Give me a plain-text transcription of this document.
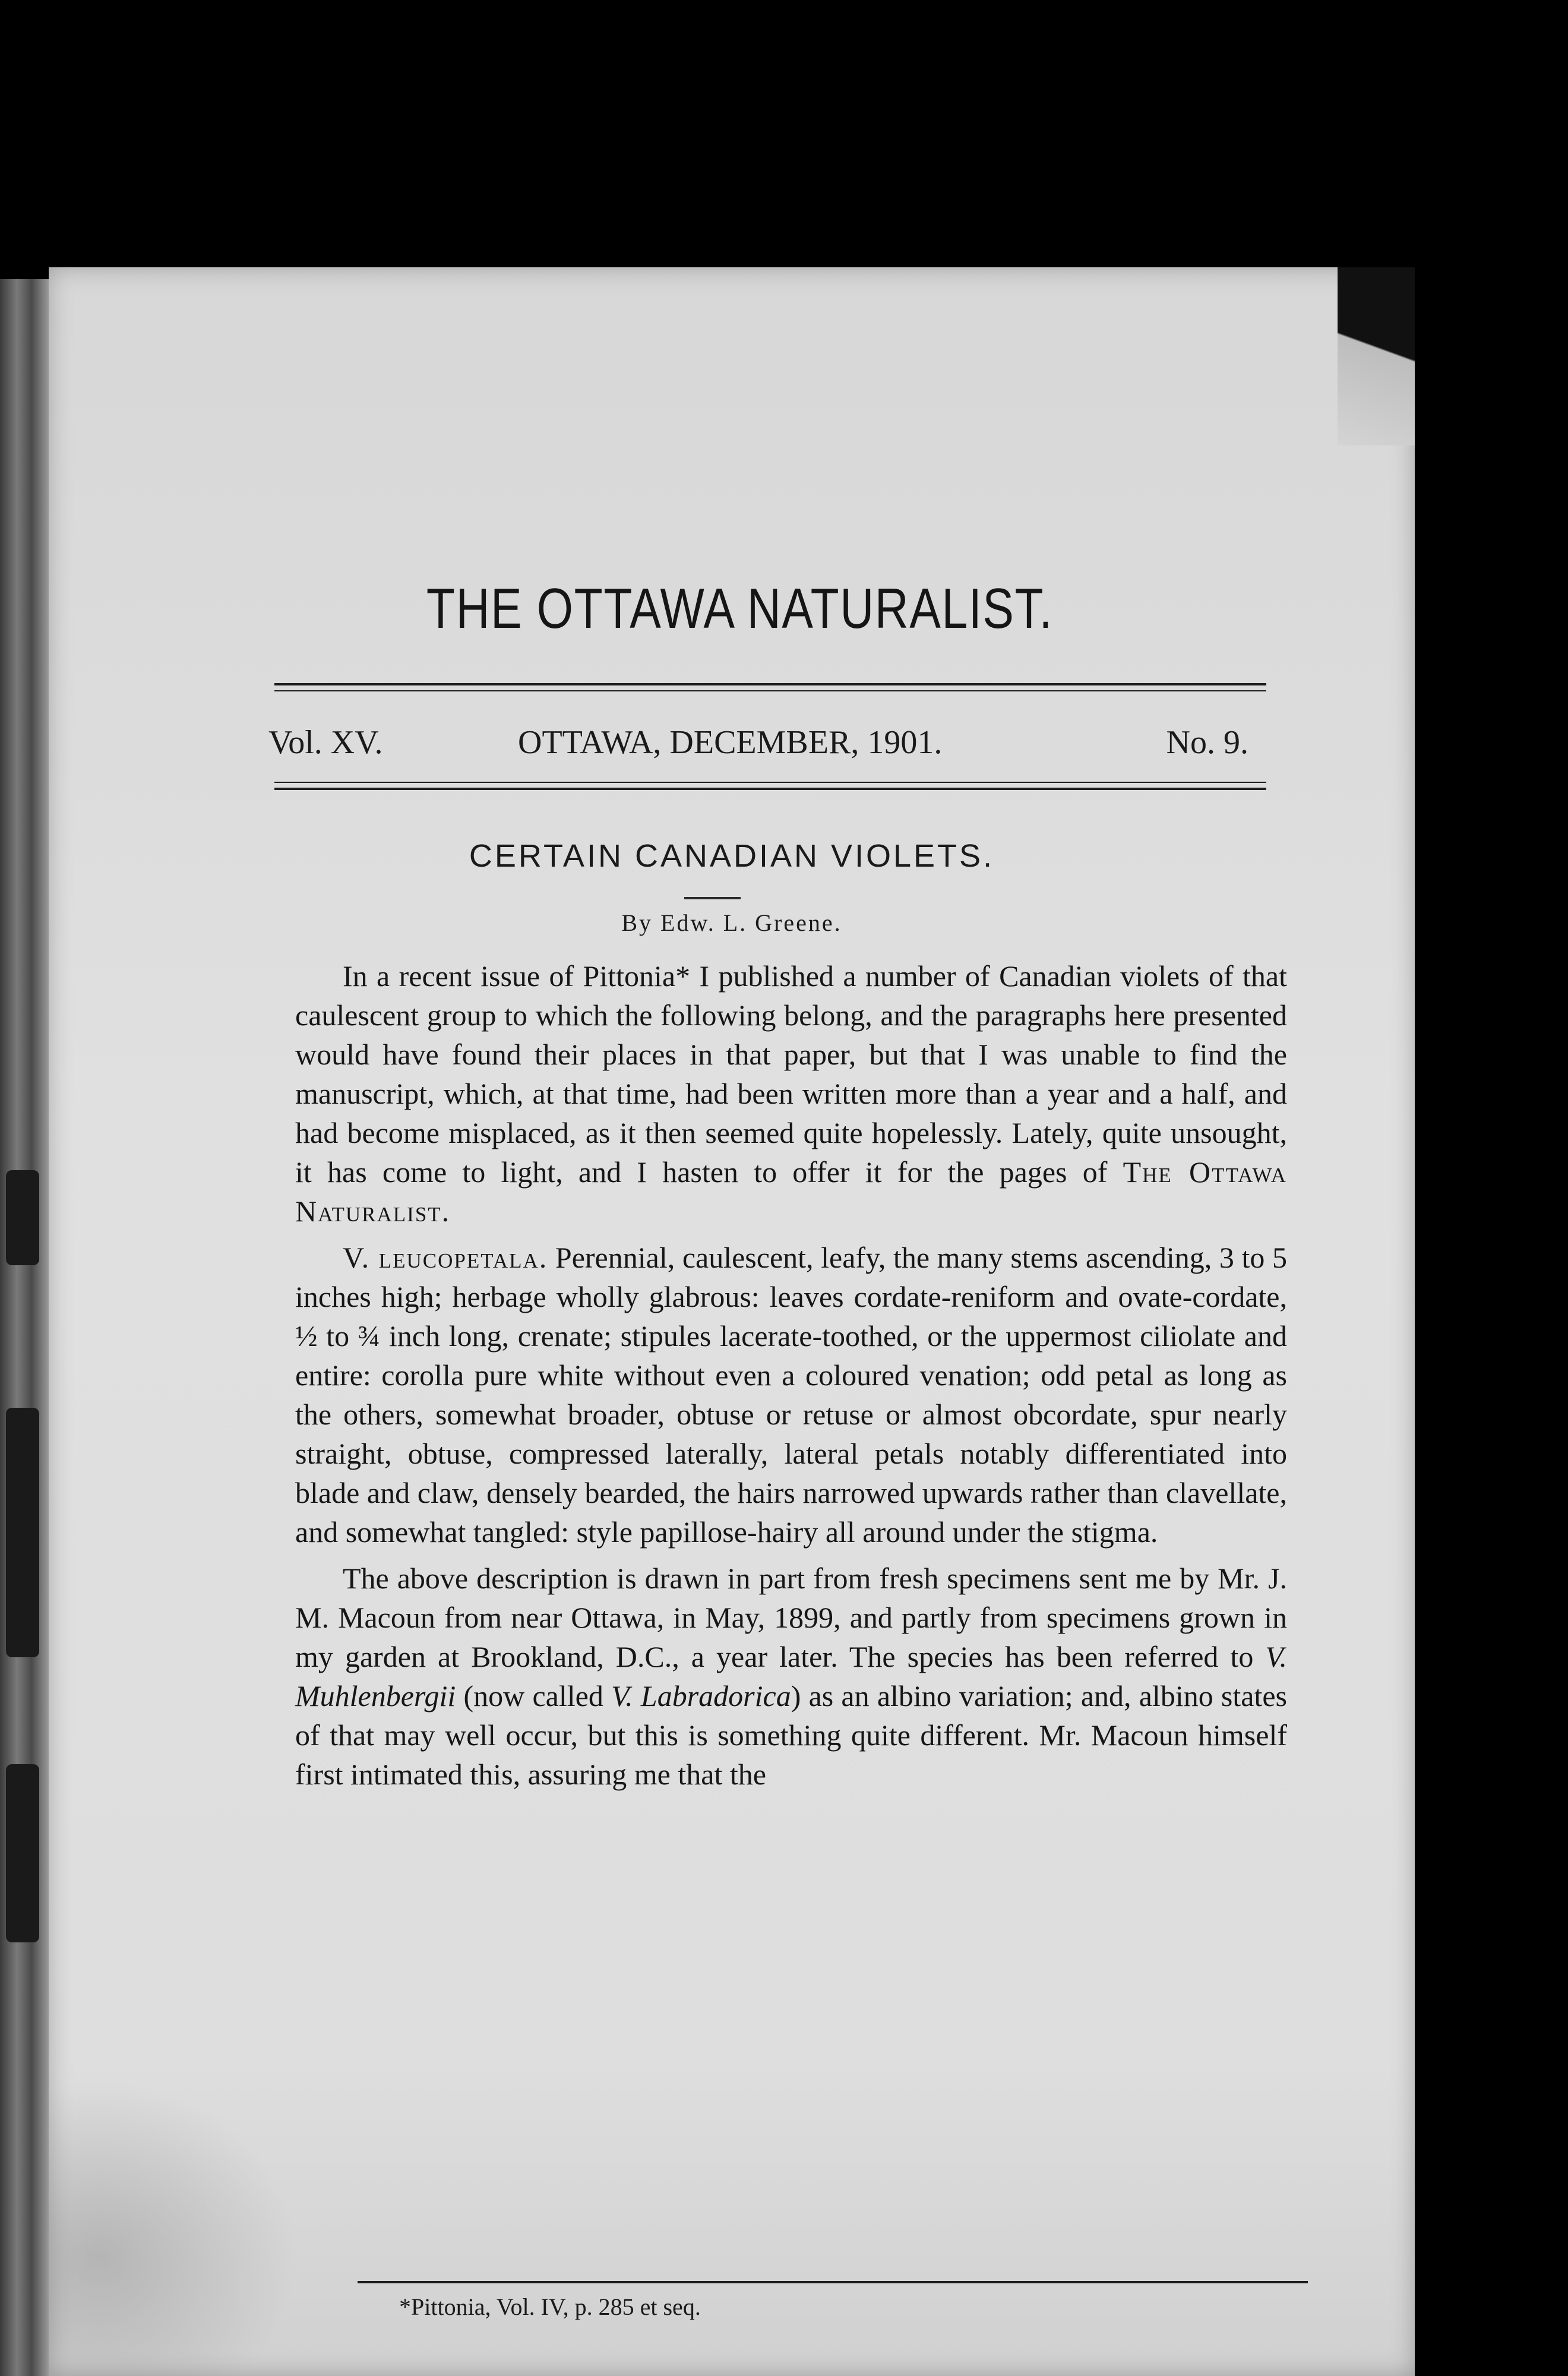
THE OTTAWA NATURALIST.
Vol. XV.	OTTAWA, DECEMBER, 1901.	No. 9.
CERTAIN CANADIAN VIOLETS.
By Edw. L. Greene.

In a recent issue of Pittonia* I published a number of Canadian violets of that caulescent group to which the following belong, and the paragraphs here presented would have found their places in that paper, but that I was unable to find the manuscript, which, at that time, had been written more than a year and a half, and had become misplaced, as it then seemed quite hopelessly. Lately, quite unsought, it has come to light, and I hasten to offer it for the pages of The Ottawa Naturalist.

V. leucopetala. Perennial, caulescent, leafy, the many stems ascending, 3 to 5 inches high; herbage wholly glabrous: leaves cordate-reniform and ovate-cordate, ½ to ¾ inch long, crenate; stipules lacerate-toothed, or the uppermost ciliolate and entire: corolla pure white without even a coloured venation; odd petal as long as the others, somewhat broader, obtuse or retuse or almost obcordate, spur nearly straight, obtuse, compressed laterally, lateral petals notably differentiated into blade and claw, densely bearded, the hairs narrowed upwards rather than clavellate, and somewhat tangled: style papillose-hairy all around under the stigma.

The above description is drawn in part from fresh specimens sent me by Mr. J. M. Macoun from near Ottawa, in May, 1899, and partly from specimens grown in my garden at Brookland, D.C., a year later. The species has been referred to V. Muhlenbergii (now called V. Labradorica) as an albino variation; and, albino states of that may well occur, but this is something quite different. Mr. Macoun himself first intimated this, assuring me that the

*Pittonia, Vol. IV, p. 285 et seq.
